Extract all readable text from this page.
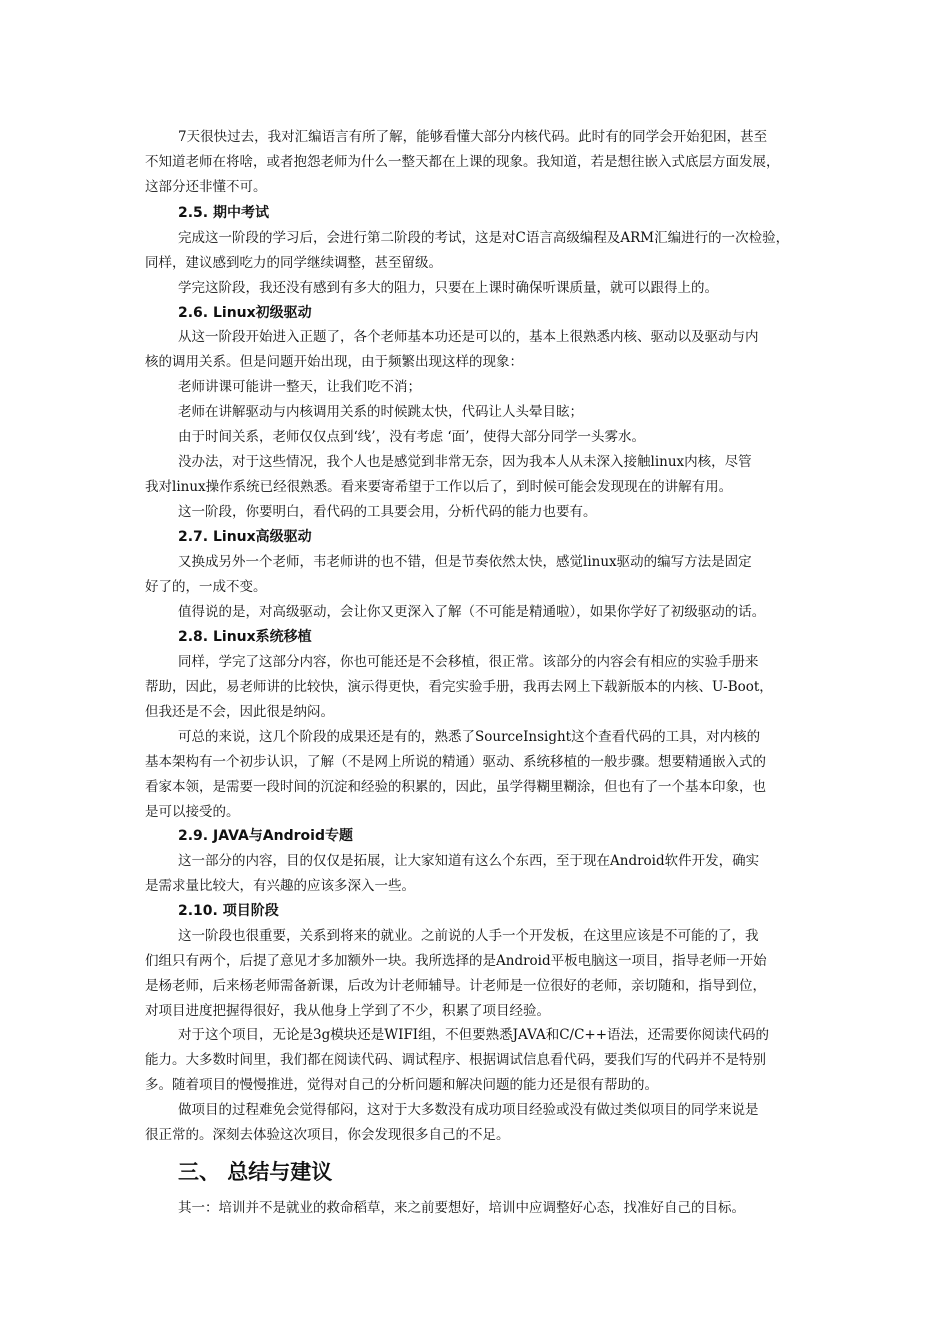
7天很快过去，我对汇编语言有所了解，能够看懂大部分内核代码。此时有的同学会开始犯困，甚至
不知道老师在将啥，或者抱怨老师为什么一整天都在上课的现象。我知道，若是想往嵌入式底层方面发展，
这部分还非懂不可。
2.5. 期中考试
完成这一阶段的学习后，会进行第二阶段的考试，这是对C语言高级编程及ARM汇编进行的一次检验，
同样，建议感到吃力的同学继续调整，甚至留级。
学完这阶段，我还没有感到有多大的阻力，只要在上课时确保听课质量，就可以跟得上的。
2.6. Linux初级驱动
从这一阶段开始进入正题了，各个老师基本功还是可以的，基本上很熟悉内核、驱动以及驱动与内
核的调用关系。但是问题开始出现，由于频繁出现这样的现象：
老师讲课可能讲一整天，让我们吃不消；
老师在讲解驱动与内核调用关系的时候跳太快，代码让人头晕目眩；
由于时间关系，老师仅仅点到‘线’，没有考虑 ‘面’，使得大部分同学一头雾水。
没办法，对于这些情况，我个人也是感觉到非常无奈，因为我本人从未深入接触linux内核，尽管
我对linux操作系统已经很熟悉。看来要寄希望于工作以后了，到时候可能会发现现在的讲解有用。
这一阶段，你要明白，看代码的工具要会用，分析代码的能力也要有。
2.7. Linux高级驱动
又换成另外一个老师，韦老师讲的也不错，但是节奏依然太快，感觉linux驱动的编写方法是固定
好了的，一成不变。
值得说的是，对高级驱动，会让你又更深入了解（不可能是精通啦），如果你学好了初级驱动的话。
2.8. Linux系统移植
同样，学完了这部分内容，你也可能还是不会移植，很正常。该部分的内容会有相应的实验手册来
帮助，因此，易老师讲的比较快，演示得更快，看完实验手册，我再去网上下载新版本的内核、U-Boot，
但我还是不会，因此很是纳闷。
可总的来说，这几个阶段的成果还是有的，熟悉了SourceInsight这个查看代码的工具，对内核的
基本架构有一个初步认识，了解（不是网上所说的精通）驱动、系统移植的一般步骤。想要精通嵌入式的
看家本领，是需要一段时间的沉淀和经验的积累的，因此，虽学得糊里糊涂，但也有了一个基本印象，也
是可以接受的。
2.9. JAVA与Android专题
这一部分的内容，目的仅仅是拓展，让大家知道有这么个东西，至于现在Android软件开发，确实
是需求量比较大，有兴趣的应该多深入一些。
2.10. 项目阶段
这一阶段也很重要，关系到将来的就业。之前说的人手一个开发板，在这里应该是不可能的了，我
们组只有两个，后提了意见才多加额外一块。我所选择的是Android平板电脑这一项目，指导老师一开始
是杨老师，后来杨老师需备新课，后改为计老师辅导。计老师是一位很好的老师，亲切随和，指导到位，
对项目进度把握得很好，我从他身上学到了不少，积累了项目经验。
对于这个项目，无论是3g模块还是WIFI组，不但要熟悉JAVA和C/C++语法，还需要你阅读代码的
能力。大多数时间里，我们都在阅读代码、调试程序、根据调试信息看代码，要我们写的代码并不是特别
多。随着项目的慢慢推进，觉得对自己的分析问题和解决问题的能力还是很有帮助的。
做项目的过程难免会觉得郁闷，这对于大多数没有成功项目经验或没有做过类似项目的同学来说是
很正常的。深刻去体验这次项目，你会发现很多自己的不足。
三、 总结与建议
其一：培训并不是就业的救命稻草，来之前要想好，培训中应调整好心态，找准好自己的目标。
